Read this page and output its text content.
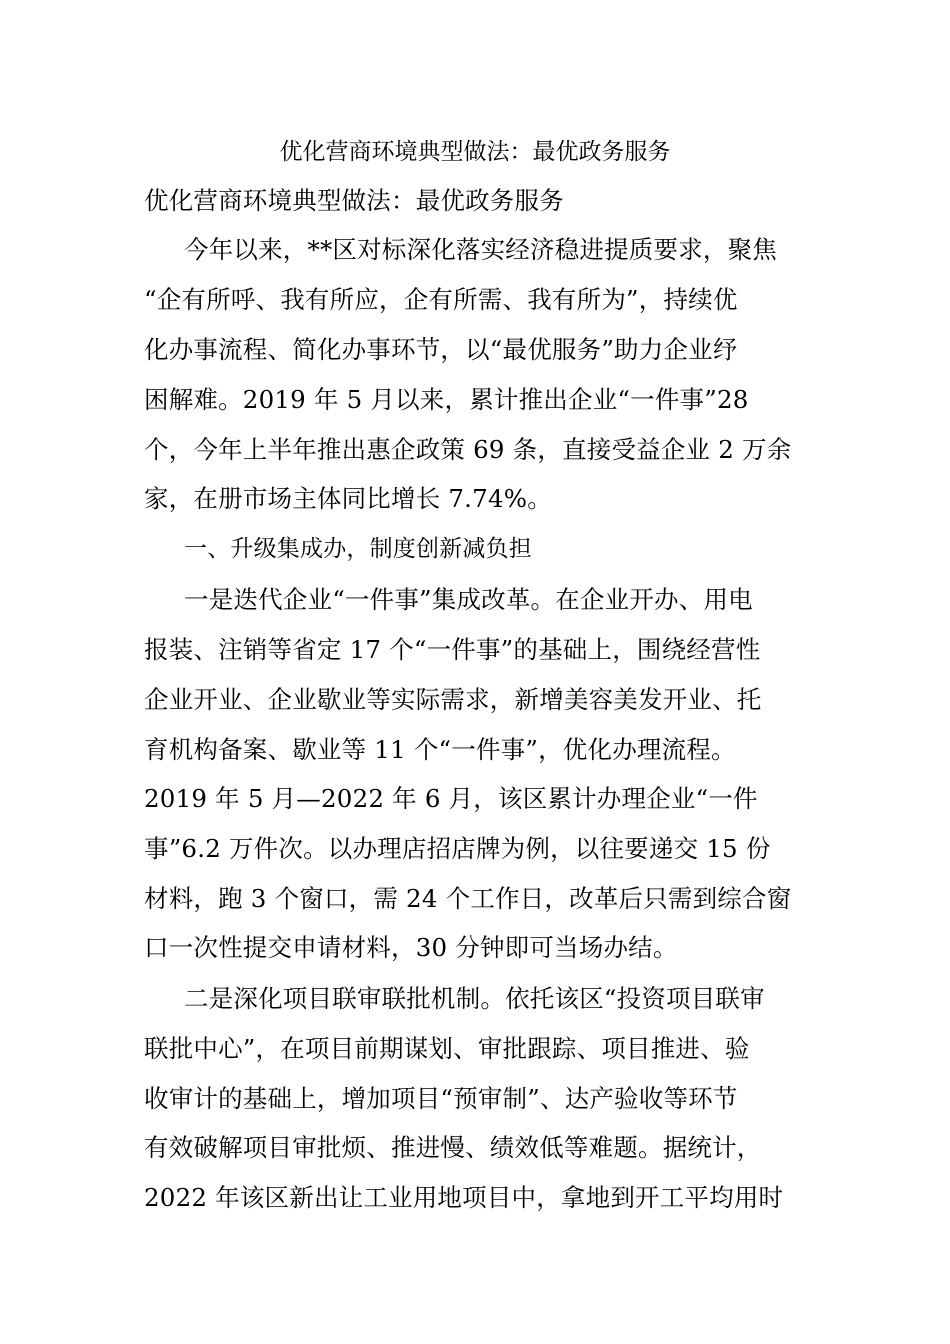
优化营商环境典型做法：最优政务服务
优化营商环境典型做法：最优政务服务
今年以来，**区对标深化落实经济稳进提质要求，聚焦
“企有所呼、我有所应，企有所需、我有所为”，持续优
化办事流程、简化办事环节，以“最优服务”助力企业纾
困解难。2019 年 5 月以来，累计推出企业“一件事”28
个，今年上半年推出惠企政策 69 条，直接受益企业 2 万余
家，在册市场主体同比增长 7.74%。
一、升级集成办，制度创新减负担
一是迭代企业“一件事”集成改革。在企业开办、用电
报装、注销等省定 17 个“一件事”的基础上，围绕经营性
企业开业、企业歇业等实际需求，新增美容美发开业、托
育机构备案、歇业等 11 个“一件事”，优化办理流程。
2019 年 5 月—2022 年 6 月，该区累计办理企业“一件
事”6.2 万件次。以办理店招店牌为例，以往要递交 15 份
材料，跑 3 个窗口，需 24 个工作日，改革后只需到综合窗
口一次性提交申请材料，30 分钟即可当场办结。
二是深化项目联审联批机制。依托该区“投资项目联审
联批中心”，在项目前期谋划、审批跟踪、项目推进、验
收审计的基础上，增加项目“预审制”、达产验收等环节
有效破解项目审批烦、推进慢、绩效低等难题。据统计，
2022 年该区新出让工业用地项目中，拿地到开工平均用时
